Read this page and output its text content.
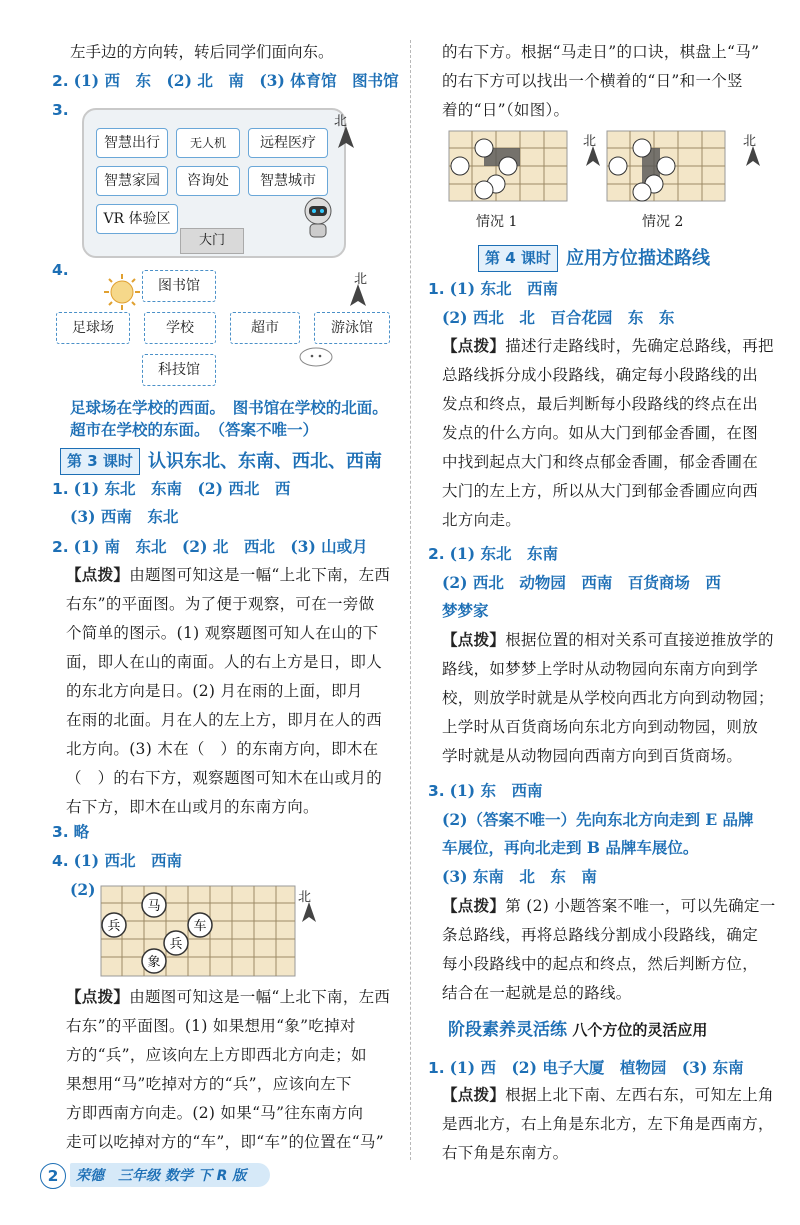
左手边的方向转，转后同学们面向东。
2. (1) 西　东　(2) 北　南　(3) 体育馆　图书馆
3.
智慧出行	无人机	远程医疗
智慧家园	咨询处	智慧城市
VR 体验区
大门
北
4.
图书馆
足球场	学校	超市	游泳馆
科技馆
北
足球场在学校的西面。　图书馆在学校的北面。
超市在学校的东面。　（答案不唯一）
第 3 课时 认识东北、东南、西北、西南
1. (1) 东北　东南　(2) 西北　西
(3) 西南　东北
2. (1) 南　东北　(2) 北　西北　(3) 山或月
【点拨】由题图可知这是一幅“上北下南，左西
右东”的平面图。为了便于观察，可在一旁做
个简单的图示。(1) 观察题图可知人在山的下
面，即人在山的南面。人的右上方是日，即人
的东北方向是日。(2) 月在雨的上面，即月
在雨的北面。月在人的左上方，即月在人的西
北方向。(3) 木在（　）的东南方向，即木在
（　）的右下方，观察题图可知木在山或月的
右下方，即木在山或月的东南方向。
3. 略
4. (1) 西北　西南
(2)
马
兵	车
兵
象
北
【点拨】由题图可知这是一幅“上北下南，左西
右东”的平面图。(1) 如果想用“象”吃掉对
方的“兵”，应该向左上方即西北方向走；如
果想用“马”吃掉对方的“兵”，应该向左下
方即西南方向走。(2) 如果“马”往东南方向
走可以吃掉对方的“车”，即“车”的位置在“马”
的右下方。根据“马走日”的口诀，棋盘上“马”
的右下方可以找出一个横着的“日”和一个竖
着的“日”（如图）。
北	北
情况 1	情况 2
第 4 课时 应用方位描述路线
1. (1) 东北　西南
(2) 西北　北　百合花园　东　东
【点拨】描述行走路线时，先确定总路线，再把
总路线拆分成小段路线，确定每小段路线的出
发点和终点，最后判断每小段路线的终点在出
发点的什么方向。如从大门到郁金香圃，在图
中找到起点大门和终点郁金香圃，郁金香圃在
大门的左上方，所以从大门到郁金香圃应向西
北方向走。
2. (1) 东北　东南
(2) 西北　动物园　西南　百货商场　西
梦梦家
【点拨】根据位置的相对关系可直接逆推放学的
路线，如梦梦上学时从动物园向东南方向到学
校，则放学时就是从学校向西北方向到动物园；
上学时从百货商场向东北方向到动物园，则放
学时就是从动物园向西南方向到百货商场。
3. (1) 东　西南
(2)（答案不唯一）先向东北方向走到 E 品牌
车展位，再向北走到 B 品牌车展位。
(3) 东南　北　东　南
【点拨】第 (2) 小题答案不唯一，可以先确定一
条总路线，再将总路线分割成小段路线，确定
每小段路线中的起点和终点，然后判断方位，
结合在一起就是总的路线。
阶段素养灵活练 八个方位的灵活应用
1. (1) 西　(2) 电子大厦　植物园　(3) 东南
【点拨】根据上北下南、左西右东，可知左上角
是西北方，右上角是东北方，左下角是西南方，
右下角是东南方。
2	荣德 三年级 数学 下 R 版
